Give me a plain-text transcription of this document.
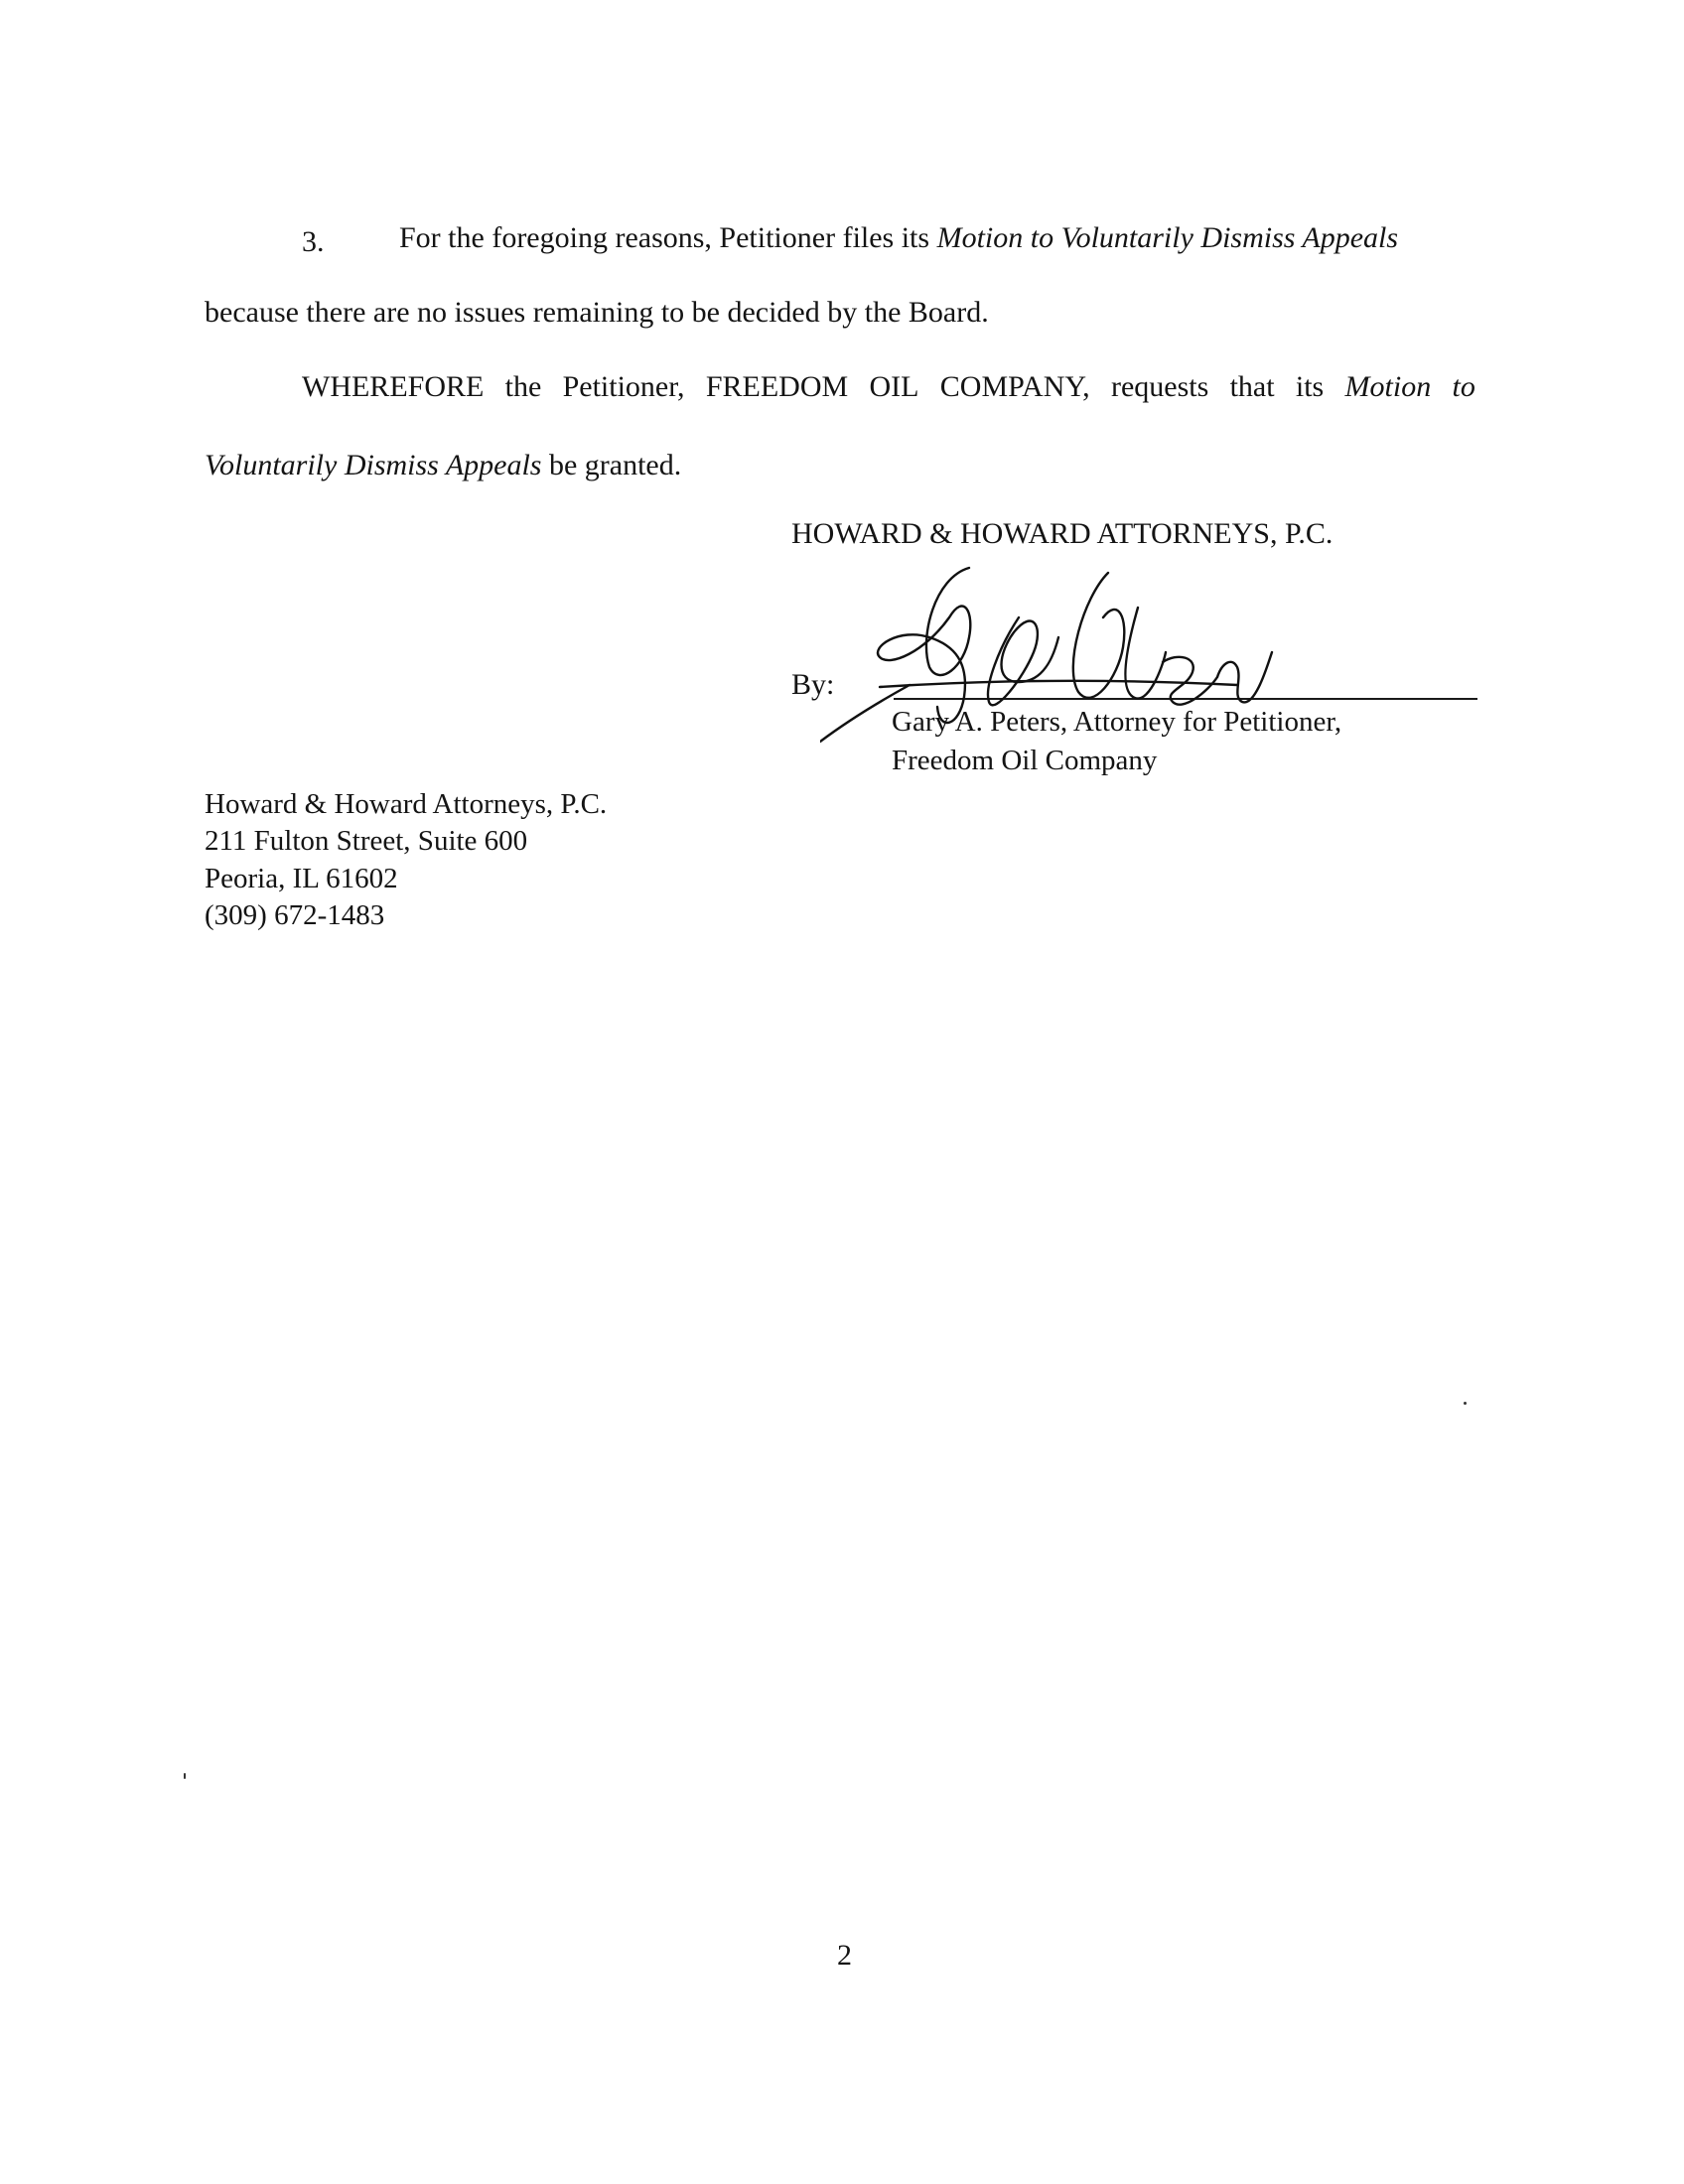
3.	For the foregoing reasons, Petitioner files its Motion to Voluntarily Dismiss Appeals
because there are no issues remaining to be decided by the Board.
WHEREFORE the Petitioner, FREEDOM OIL COMPANY, requests that its Motion to
Voluntarily Dismiss Appeals be granted.
HOWARD & HOWARD ATTORNEYS, P.C.
By:
Gary A. Peters, Attorney for Petitioner,
Freedom Oil Company
Howard & Howard Attorneys, P.C.
211 Fulton Street, Suite 600
Peoria, IL 61602
(309) 672-1483
2
